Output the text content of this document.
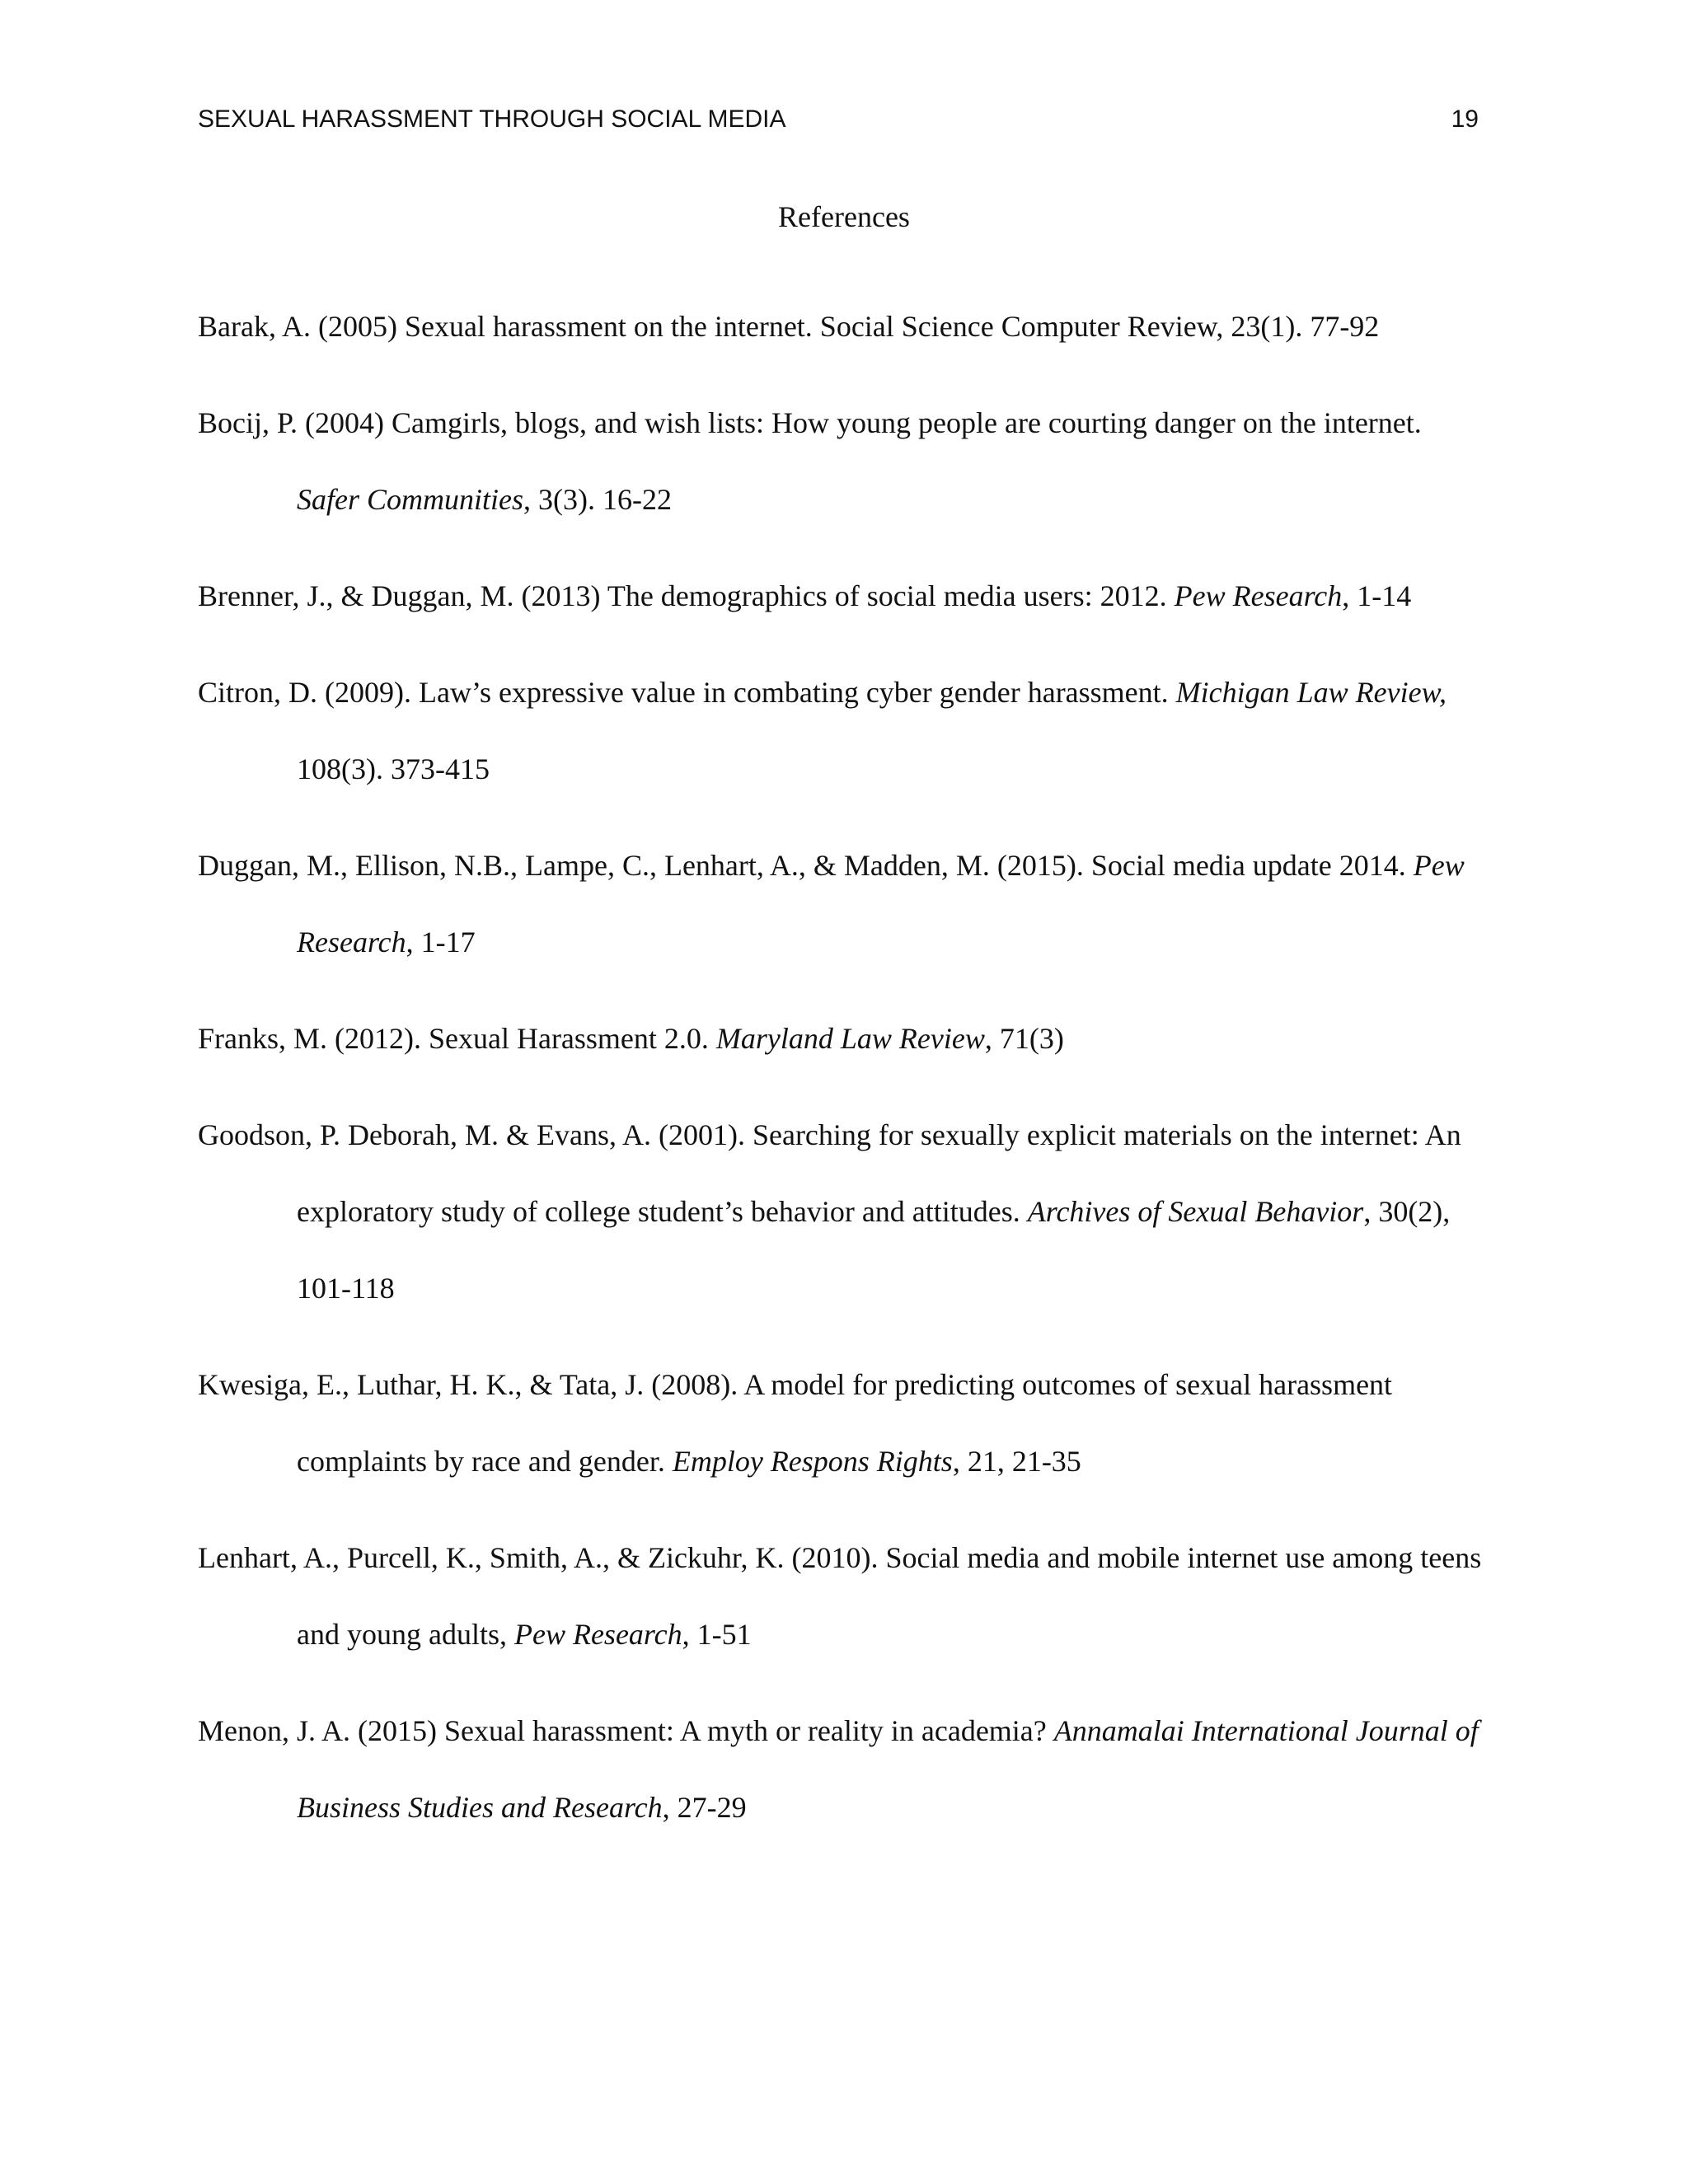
SEXUAL HARASSMENT THROUGH SOCIAL MEDIA	19
References

Barak, A. (2005) Sexual harassment on the internet. Social Science Computer Review, 23(1). 77-92

Bocij, P. (2004) Camgirls, blogs, and wish lists: How young people are courting danger on the internet. Safer Communities, 3(3). 16-22

Brenner, J., & Duggan, M. (2013) The demographics of social media users: 2012. Pew Research, 1-14

Citron, D. (2009). Law’s expressive value in combating cyber gender harassment. Michigan Law Review, 108(3). 373-415

Duggan, M., Ellison, N.B., Lampe, C., Lenhart, A., & Madden, M. (2015). Social media update 2014. Pew Research, 1-17

Franks, M. (2012). Sexual Harassment 2.0. Maryland Law Review, 71(3)

Goodson, P. Deborah, M. & Evans, A. (2001). Searching for sexually explicit materials on the internet: An exploratory study of college student’s behavior and attitudes. Archives of Sexual Behavior, 30(2), 101-118

Kwesiga, E., Luthar, H. K., & Tata, J. (2008). A model for predicting outcomes of sexual harassment complaints by race and gender. Employ Respons Rights, 21, 21-35

Lenhart, A., Purcell, K., Smith, A., & Zickuhr, K. (2010). Social media and mobile internet use among teens and young adults, Pew Research, 1-51

Menon, J. A. (2015) Sexual harassment: A myth or reality in academia? Annamalai International Journal of Business Studies and Research, 27-29
